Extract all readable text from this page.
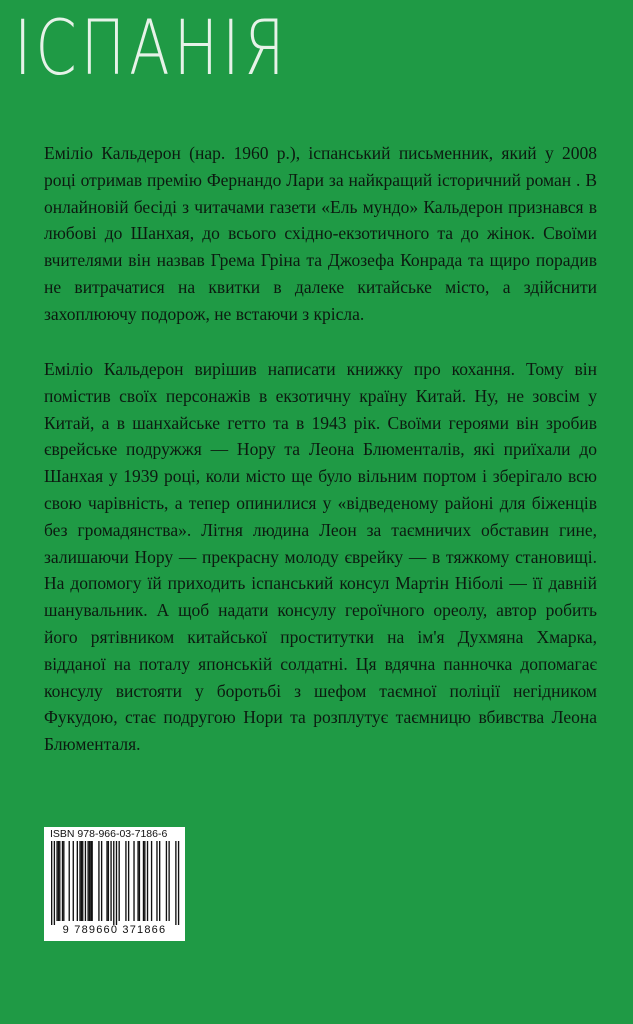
ІСПАНІЯ

Еміліо Кальдерон (нар. 1960 р.), іспанський письменник, який у 2008 році отримав премію Фернандо Лари за найкращий історичний роман . В онлайновій бесіді з читачами газети «Ель мундо» Кальдерон признався в любові до Шанхая, до всього східно-екзотичного та до жінок. Своїми вчителями він назвав Грема Гріна та Джозефа Конрада та щиро порадив не витрачатися на квитки в далеке китайське місто, а здійснити захоплюючу подорож, не встаючи з крісла.

Еміліо Кальдерон вирішив написати книжку про кохання. Тому він помістив своїх персонажів в екзотичну країну Китай. Ну, не зовсім у Китай, а в шанхайське гетто та в 1943 рік. Своїми героями він зробив єврейське подружжя — Нору та Леона Блюменталів, які приїхали до Шанхая у 1939 році, коли місто ще було вільним портом і зберігало всю свою чарівність, а тепер опинилися у «відведеному районі для біженців без громадянства». Літня людина Леон за таємничих обставин гине, залишаючи Нору — прекрасну молоду єврейку — в тяжкому становищі. На допомогу їй приходить іспанський консул Мартін Ніболі — її давній шанувальник. А щоб надати консулу героїчного ореолу, автор робить його рятівником китайської проститутки на ім'я Духмяна Хмарка, відданої на поталу японській солдатні. Ця вдячна панночка допомагає консулу вистояти у боротьбі з шефом таємної поліції негідником Фукудою, стає подругою Нори та розплутує таємницю вбивства Леона Блюменталя.

ISBN 978-966-03-7186-6
9 789660 371866
